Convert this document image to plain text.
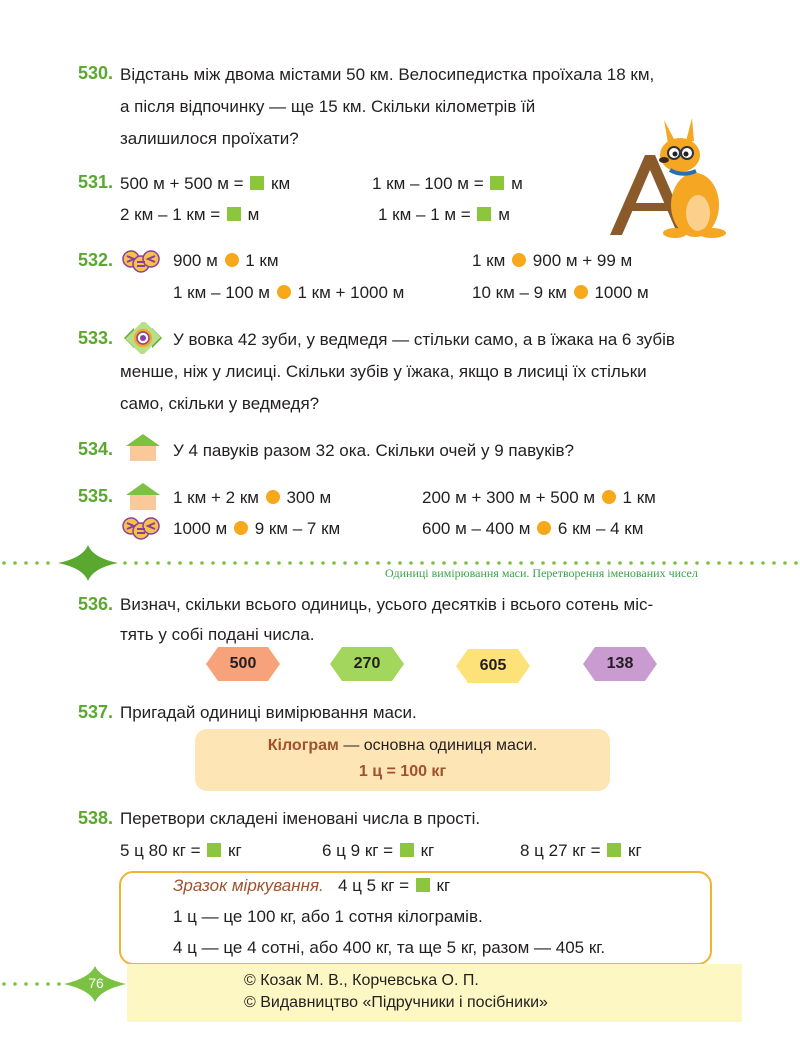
530. Відстань між двома містами 50 км. Велосипедистка проїхала 18 км,
а після відпочинку — ще 15 км. Скільки кілометрів їй
залишилося проїхати?
531. 500 м + 500 м = км	1 км – 100 м = м
2 км – 1 км = м	1 км – 1 м = м
532.	900 м 1 км	1 км 900 м + 99 м
1 км – 100 м 1 км + 1000 м	10 км – 9 км 1000 м
533.	У вовка 42 зуби, у ведмедя — стільки само, а в їжака на 6 зубів
менше, ніж у лисиці. Скільки зубів у їжака, якщо в лисиці їх стільки
само, скільки у ведмедя?
534.	У 4 павуків разом 32 ока. Скільки очей у 9 павуків?
535.	1 км + 2 км 300 м	200 м + 300 м + 500 м 1 км
1000 м 9 км – 7 км	600 м – 400 м 6 км – 4 км
Одиниці вимірювання маси. Перетворення іменованих чисел
536. Визнач, скільки всього одиниць, усього десятків і всього сотень міс-
тять у собі подані числа.
500	270	605	138
537. Пригадай одиниці вимірювання маси.
Кілограм — основна одиниця маси.
1 ц = 100 кг
538. Перетвори складені іменовані числа в прості.
5 ц 80 кг = кг	6 ц 9 кг = кг	8 ц 27 кг = кг
Зразок міркування. 4 ц 5 кг = кг
1 ц — це 100 кг, або 1 сотня кілограмів.
4 ц — це 4 сотні, або 400 кг, та ще 5 кг, разом — 405 кг.
76	© Козак М. В., Корчевська О. П.
© Видавництво «Підручники і посібники»
